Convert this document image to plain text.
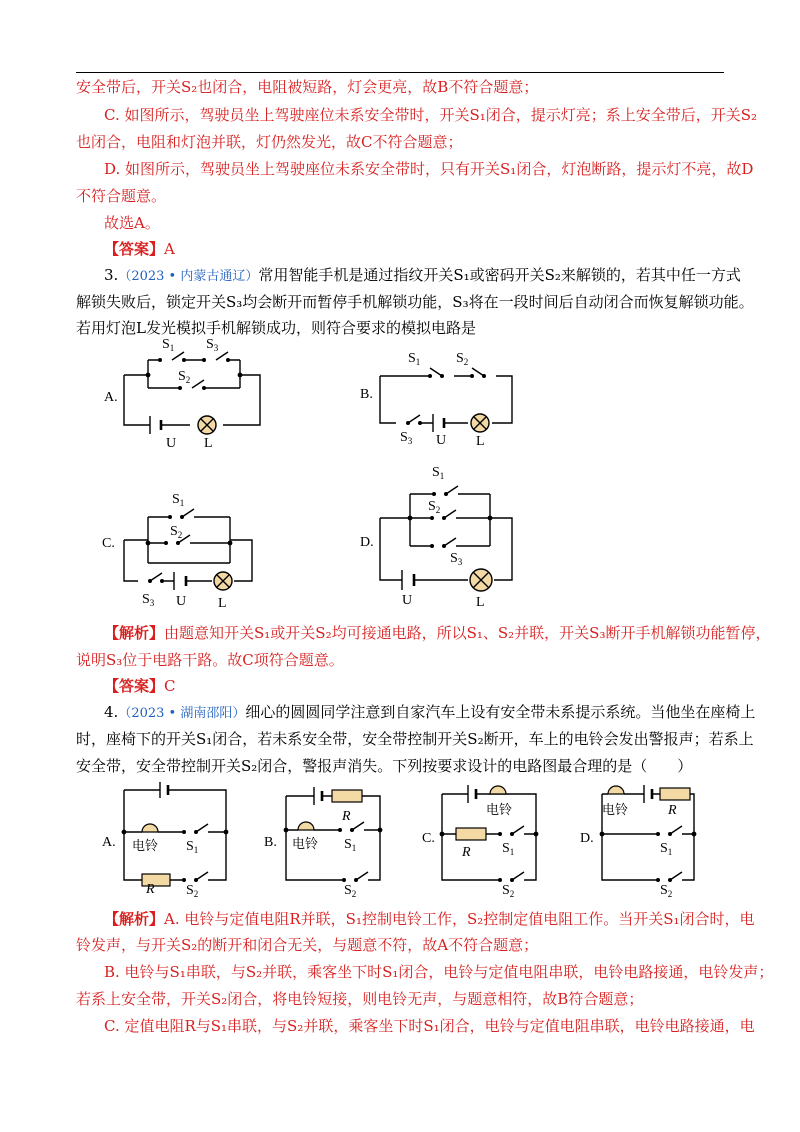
安全带后，开关S₂也闭合，电阻被短路，灯会更亮，故B不符合题意；
C. 如图所示，驾驶员坐上驾驶座位未系安全带时，开关S₁闭合，提示灯亮；系上安全带后，开关S₂
也闭合，电阻和灯泡并联，灯仍然发光，故C不符合题意；
D. 如图所示，驾驶员坐上驾驶座位未系安全带时，只有开关S₁闭合，灯泡断路，提示灯不亮，故D
不符合题意。
故选A。
【答案】A
3.（2023 • 内蒙古通辽）常用智能手机是通过指纹开关S₁或密码开关S₂来解锁的，若其中任一方式
解锁失败后，锁定开关S₃均会断开而暂停手机解锁功能，S₃将在一段时间后自动闭合而恢复解锁功能。
若用灯泡L发光模拟手机解锁成功，则符合要求的模拟电路是
A.
$S_1$ $S_3$
$S_2$
U L
B.
$S_1$	$S_2$
$S_3$ U L
C.
$S_1$
$S_2$
$S_3$ U L
D.
$S_1$
$S_2$
$S_3$
U	L
【解析】由题意知开关S₁或开关S₂均可接通电路，所以S₁、S₂并联，开关S₃断开手机解锁功能暂停，
说明S₃位于电路干路。故C项符合题意。
【答案】C
4.（2023 • 湖南邵阳）细心的圆圆同学注意到自家汽车上设有安全带未系提示系统。当他坐在座椅上
时，座椅下的开关S₁闭合，若未系安全带，安全带控制开关S₂断开，车上的电铃会发出警报声；若系上
安全带，安全带控制开关S₂闭合，警报声消失。下列按要求设计的电路图最合理的是（　　）
A. 电铃 $S_1$
R $S_2$
B.
R
电铃 $S_1$
$S_2$
C.
电铃
R $S_1$
$S_2$
D.
电铃	R
$S_1$
$S_2$
【解析】A. 电铃与定值电阻R并联，S₁控制电铃工作，S₂控制定值电阻工作。当开关S₁闭合时，电
铃发声，与开关S₂的断开和闭合无关，与题意不符，故A不符合题意；
B. 电铃与S₁串联，与S₂并联，乘客坐下时S₁闭合，电铃与定值电阻串联，电铃电路接通，电铃发声；
若系上安全带，开关S₂闭合，将电铃短接，则电铃无声，与题意相符，故B符合题意；
C. 定值电阻R与S₁串联，与S₂并联，乘客坐下时S₁闭合，电铃与定值电阻串联，电铃电路接通，电
